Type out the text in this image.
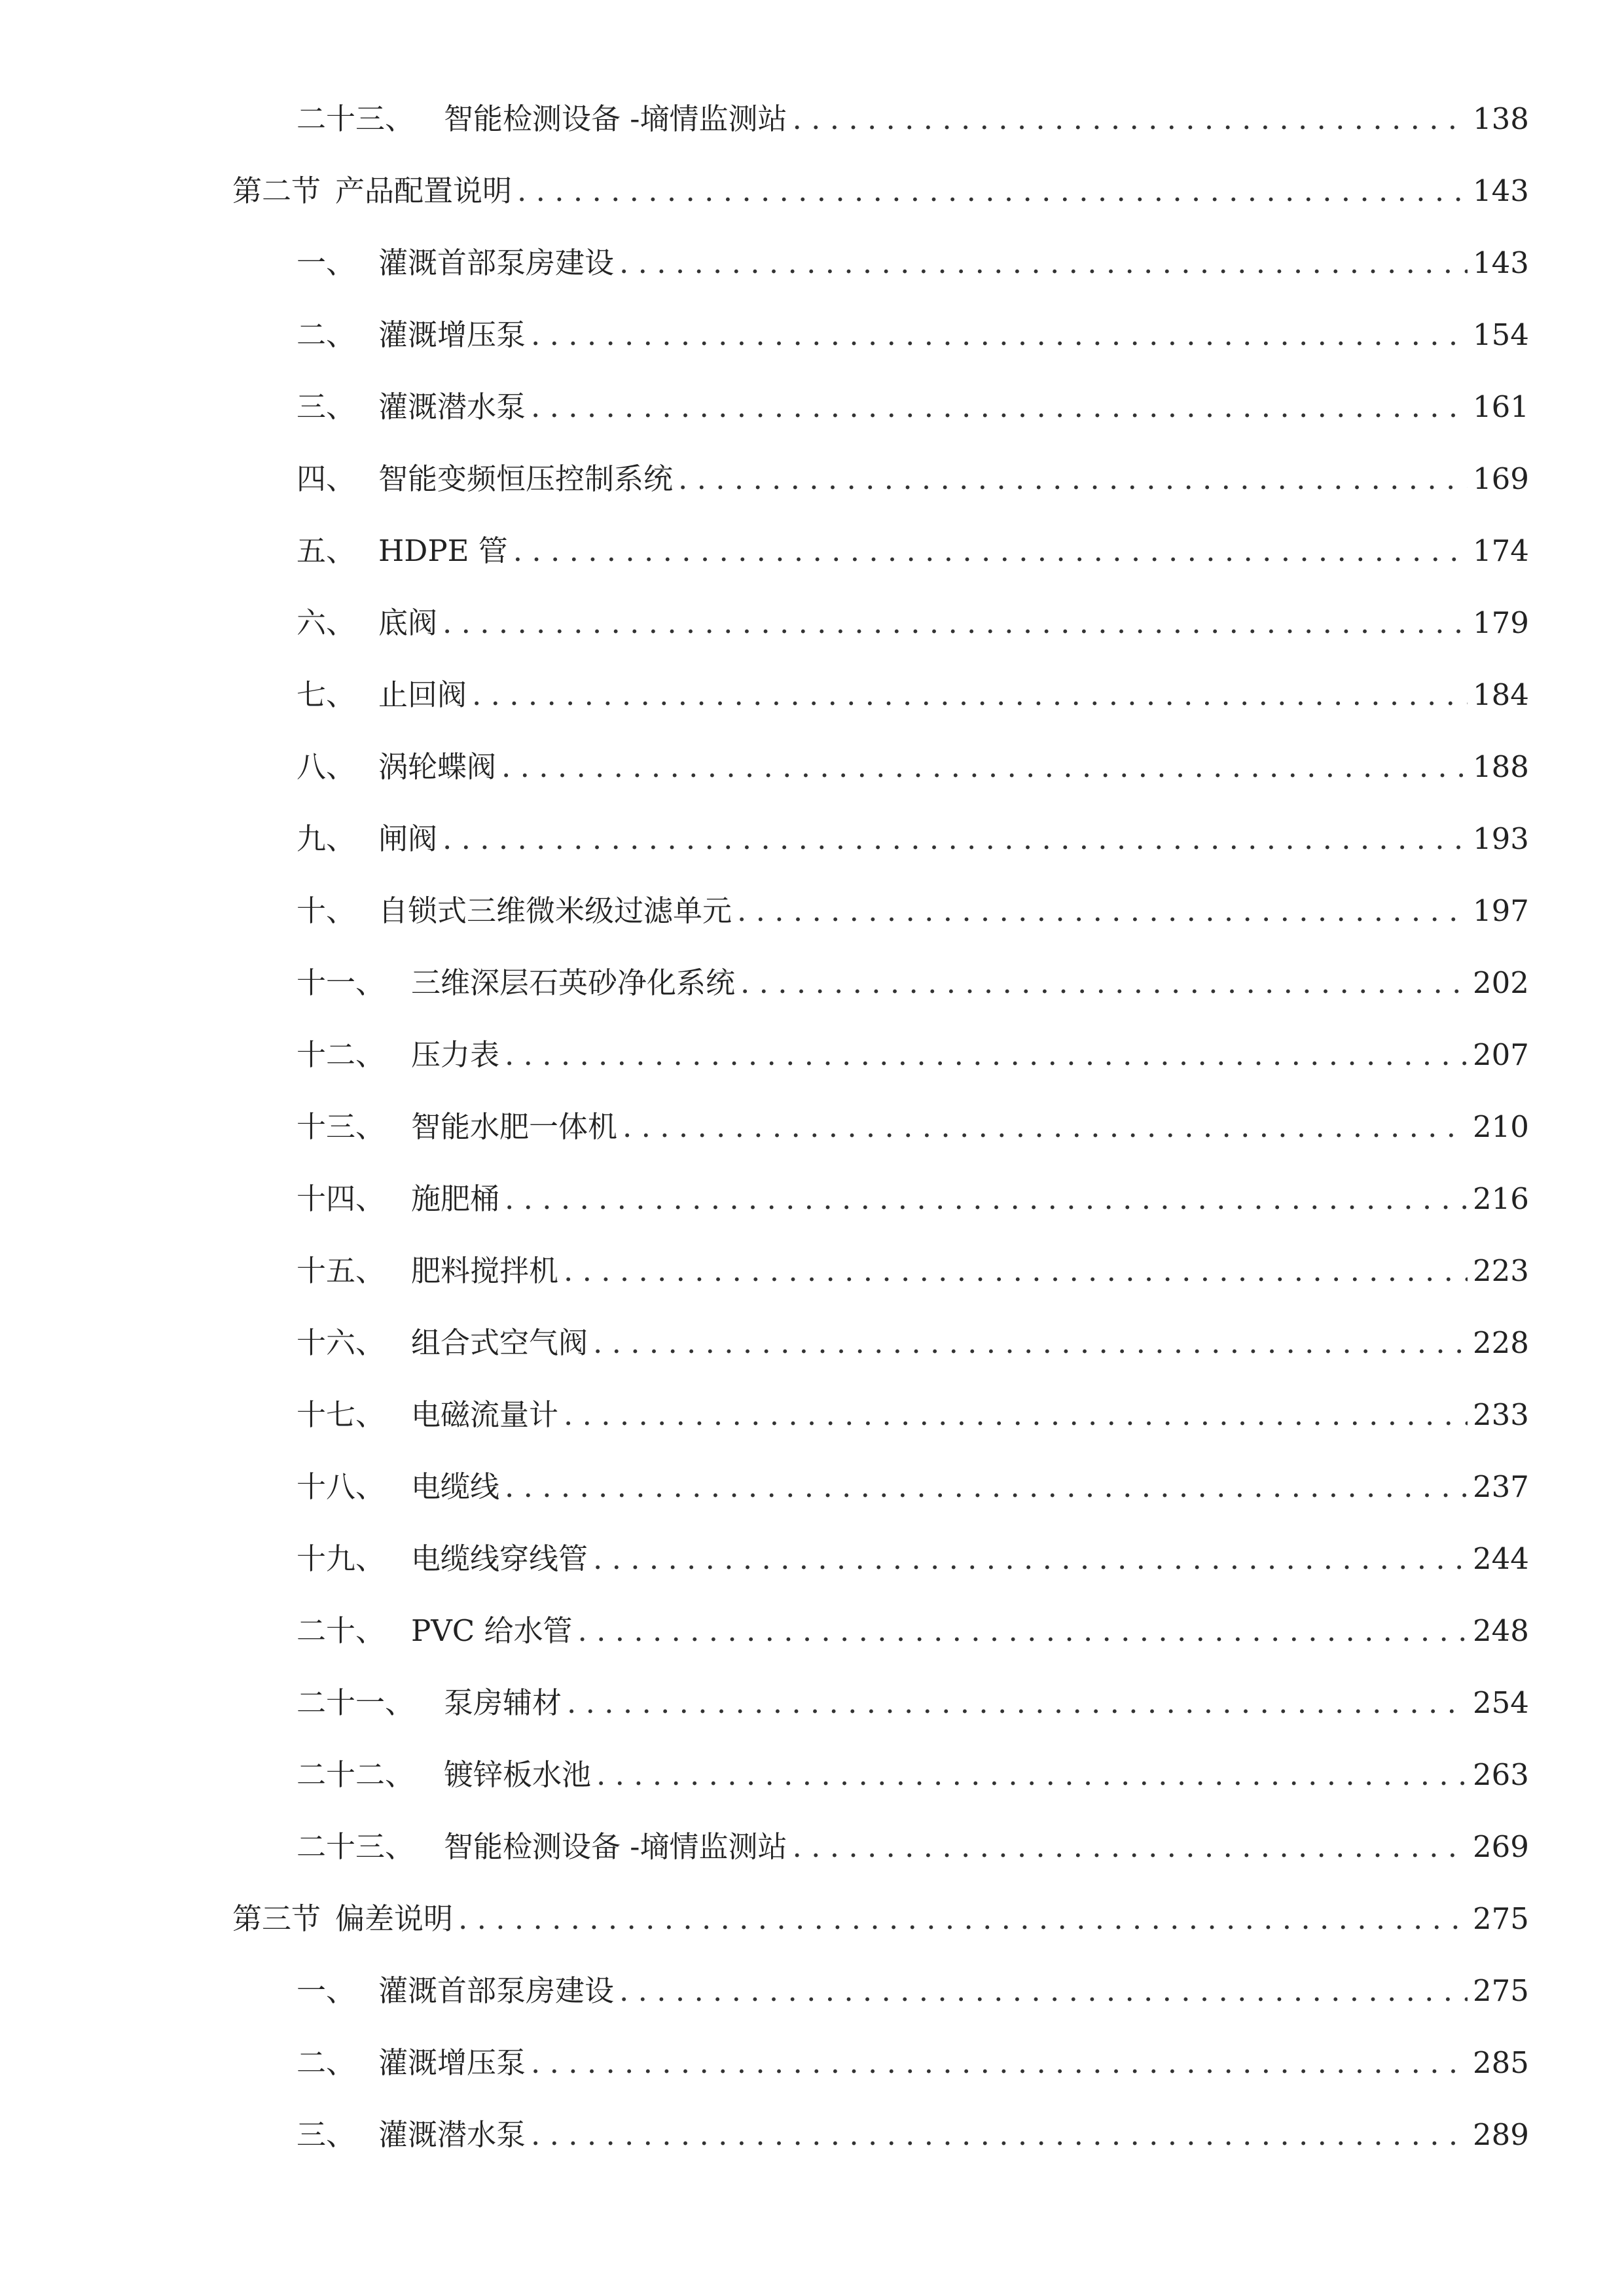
二十三、 智能检测设备 -墒情监测站 . . .	138
第二节 产品配置说明 . . .	143
一、 灌溉首部泵房建设 . . .	143
二、 灌溉增压泵 . . .	154
三、 灌溉潜水泵 . . .	161
四、 智能变频恒压控制系统 . . .	169
五、 HDPE 管 . . .	174
六、 底阀 . . .	179
七、 止回阀 . . .	184
八、 涡轮蝶阀 . . .	188
九、 闸阀 . . .	193
十、 自锁式三维微米级过滤单元 . . .	197
十一、 三维深层石英砂净化系统 . . .	202
十二、 压力表 . . .	207
十三、 智能水肥一体机 . . .	210
十四、 施肥桶 . . .	216
十五、 肥料搅拌机 . . .	223
十六、 组合式空气阀 . . .	228
十七、 电磁流量计 . . .	233
十八、 电缆线 . . .	237
十九、 电缆线穿线管 . . .	244
二十、 PVC 给水管 . . .	248
二十一、 泵房辅材 . . .	254
二十二、 镀锌板水池 . . .	263
二十三、 智能检测设备 -墒情监测站 . . .	269
第三节 偏差说明 . . .	275
一、 灌溉首部泵房建设 . . .	275
二、 灌溉增压泵 . . .	285
三、 灌溉潜水泵 . . .	289
